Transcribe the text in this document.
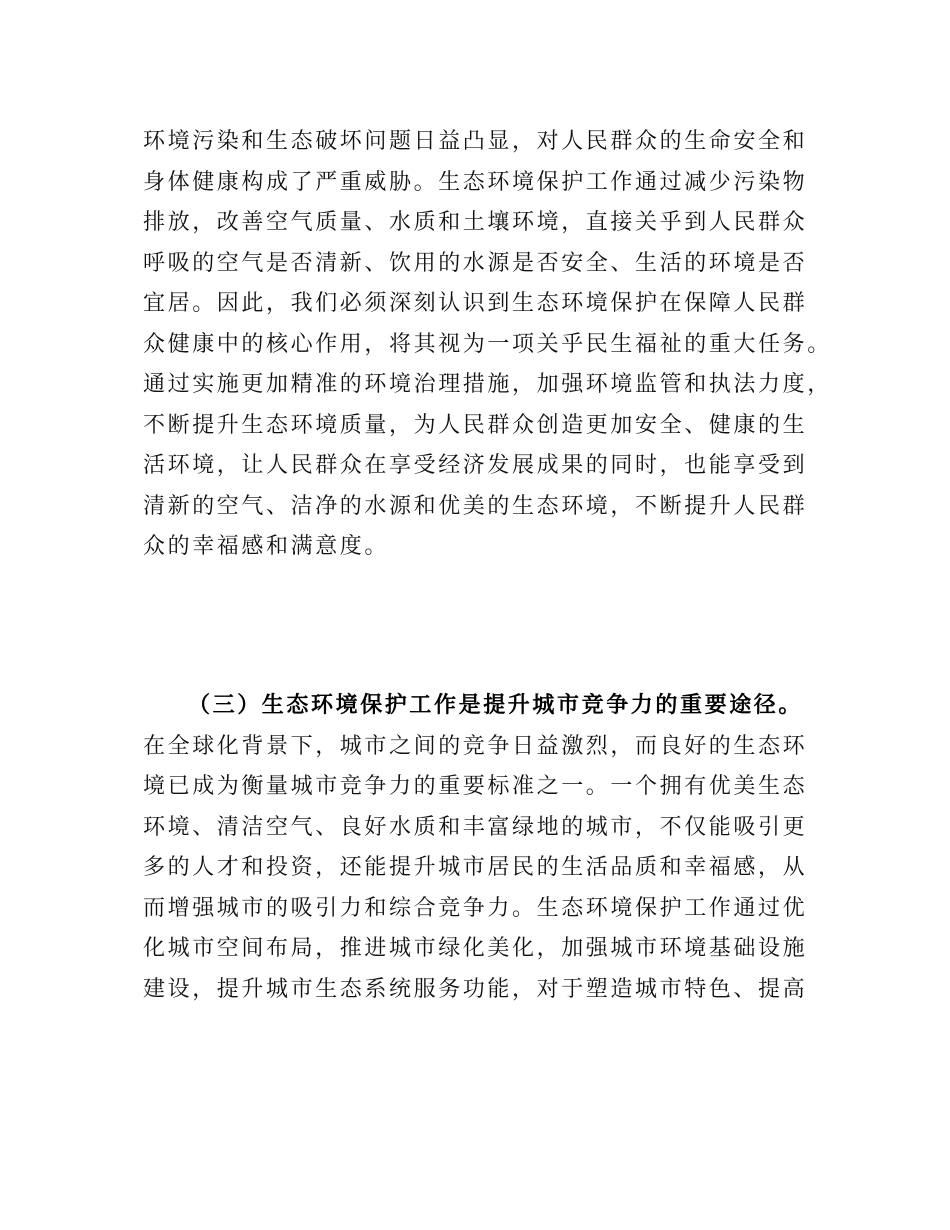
环境污染和生态破坏问题日益凸显，对人民群众的生命安全和
身体健康构成了严重威胁。生态环境保护工作通过减少污染物
排放，改善空气质量、水质和土壤环境，直接关乎到人民群众
呼吸的空气是否清新、饮用的水源是否安全、生活的环境是否
宜居。因此，我们必须深刻认识到生态环境保护在保障人民群
众健康中的核心作用，将其视为一项关乎民生福祉的重大任务。
通过实施更加精准的环境治理措施，加强环境监管和执法力度，
不断提升生态环境质量，为人民群众创造更加安全、健康的生
活环境，让人民群众在享受经济发展成果的同时，也能享受到
清新的空气、洁净的水源和优美的生态环境，不断提升人民群
众的幸福感和满意度。
（三）生态环境保护工作是提升城市竞争力的重要途径。
在全球化背景下，城市之间的竞争日益激烈，而良好的生态环
境已成为衡量城市竞争力的重要标准之一。一个拥有优美生态
环境、清洁空气、良好水质和丰富绿地的城市，不仅能吸引更
多的人才和投资，还能提升城市居民的生活品质和幸福感，从
而增强城市的吸引力和综合竞争力。生态环境保护工作通过优
化城市空间布局，推进城市绿化美化，加强城市环境基础设施
建设，提升城市生态系统服务功能，对于塑造城市特色、提高
